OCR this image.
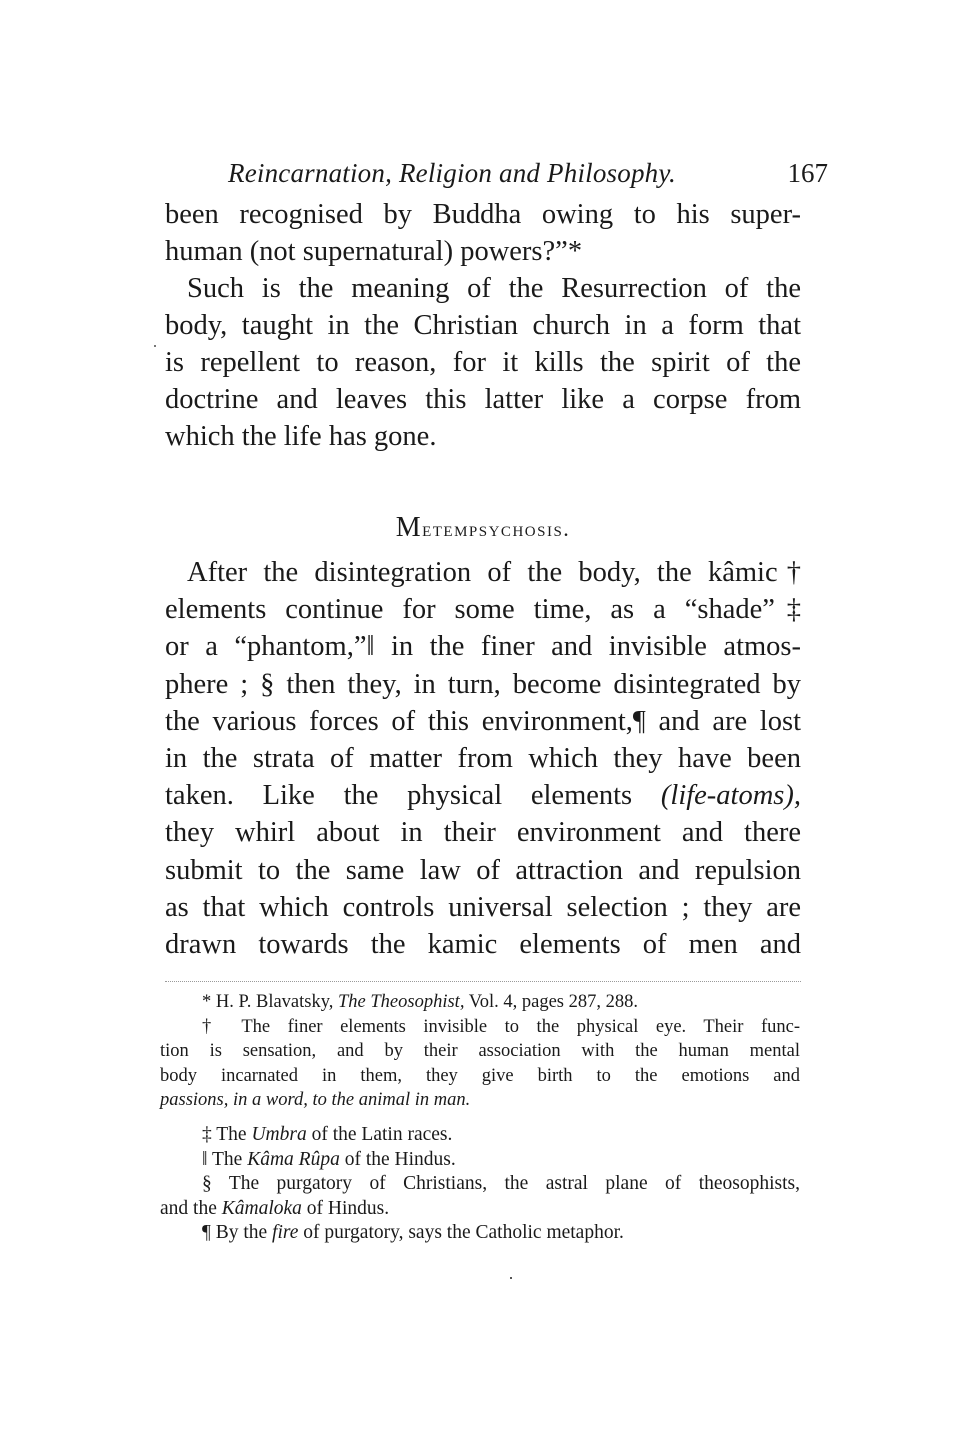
Reincarnation, Religion and Philosophy.	167
been recognised by Buddha owing to his super-
human (not supernatural) powers?”*
Such is the meaning of the Resurrection of the
body, taught in the Christian church in a form that
is repellent to reason, for it kills the spirit of the
doctrine and leaves this latter like a corpse from
which the life has gone.
Metempsychosis.
After the disintegration of the body, the kâmic†
elements continue for some time, as a “shade”‡
or a “phantom,”‖ in the finer and invisible atmos-
phere ; § then they, in turn, become disintegrated by
the various forces of this environment,¶ and are lost
in the strata of matter from which they have been
taken. Like the physical elements (life-atoms),
they whirl about in their environment and there
submit to the same law of attraction and repulsion
as that which controls universal selection ; they are
drawn towards the kamic elements of men and
* H. P. Blavatsky, The Theosophist, Vol. 4, pages 287, 288.
† The finer elements invisible to the physical eye. Their func-
tion is sensation, and by their association with the human mental
body incarnated in them, they give birth to the emotions and
passions, in a word, to the animal in man.
‡ The Umbra of the Latin races.
‖ The Kâma Rûpa of the Hindus.
§ The purgatory of Christians, the astral plane of theosophists,
and the Kâmaloka of Hindus.
¶ By the fire of purgatory, says the Catholic metaphor.
